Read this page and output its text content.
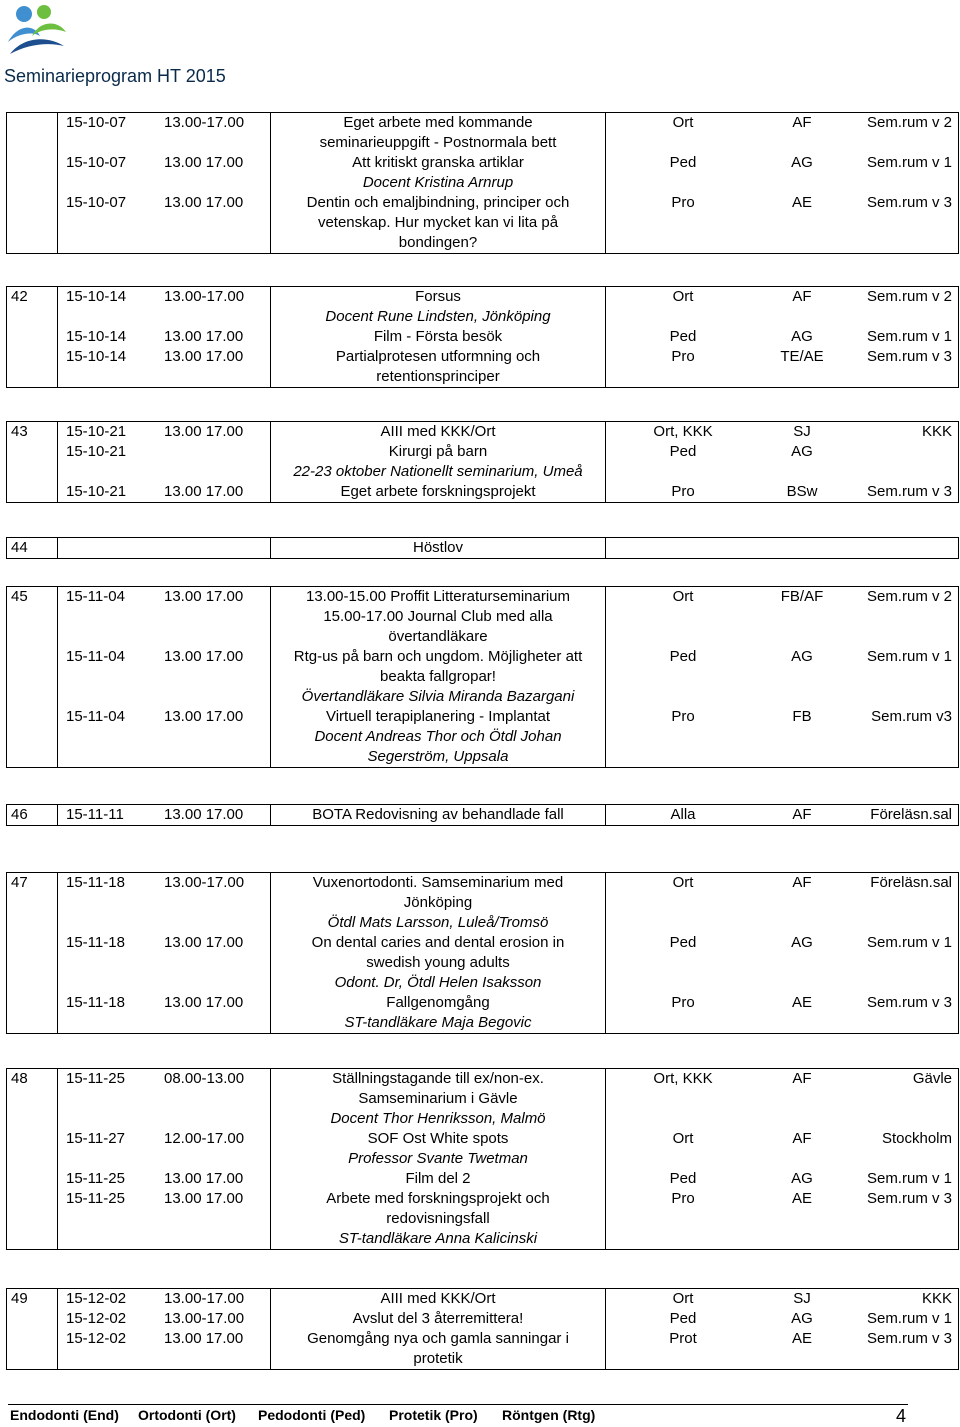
Seminarieprogram HT 2015
	15-10-07	13.00-17.00	Eget arbete med kommande
seminarieuppgift - Postnormala bett	Ort	AF	Sem.rum v 2
	15-10-07	13.00 17.00	Att kritiskt granska artiklar
Docent Kristina Arnrup	Ped	AG	Sem.rum v 1
	15-10-07	13.00 17.00	Dentin och emaljbindning, principer och
vetenskap. Hur mycket kan vi lita på
bondingen?	Pro	AE	Sem.rum v 3
42	15-10-14	13.00-17.00	Forsus
Docent Rune Lindsten, Jönköping	Ort	AF	Sem.rum v 2
	15-10-14	13.00 17.00	Film - Första besök	Ped	AG	Sem.rum v 1
	15-10-14	13.00 17.00	Partialprotesen utformning och
retentionsprinciper	Pro	TE/AE	Sem.rum v 3
43	15-10-21	13.00 17.00	AIII med KKK/Ort	Ort, KKK	SJ	KKK
	15-10-21		Kirurgi på barn
22-23 oktober Nationellt seminarium, Umeå	Ped	AG	
	15-10-21	13.00 17.00	Eget arbete forskningsprojekt	Pro	BSw	Sem.rum v 3
44			Höstlov

45	15-11-04	13.00 17.00	13.00-15.00 Proffit Litteraturseminarium
15.00-17.00 Journal Club med alla
övertandläkare	Ort	FB/AF	Sem.rum v 2
	15-11-04	13.00 17.00	Rtg-us på barn och ungdom. Möjligheter att
beakta fallgropar!
Övertandläkare Silvia Miranda Bazargani	Ped	AG	Sem.rum v 1
	15-11-04	13.00 17.00	Virtuell terapiplanering - Implantat
Docent Andreas Thor och Ötdl Johan
Segerström, Uppsala	Pro	FB	Sem.rum v3
46	15-11-11	13.00 17.00	BOTA Redovisning av behandlade fall	Alla	AF	Föreläsn.sal
47	15-11-18	13.00-17.00	Vuxenortodonti. Samseminarium med
Jönköping
Ötdl Mats Larsson, Luleå/Tromsö	Ort	AF	Föreläsn.sal
	15-11-18	13.00 17.00	On dental caries and dental erosion in
swedish young adults
Odont. Dr, Ötdl Helen Isaksson	Ped	AG	Sem.rum v 1
	15-11-18	13.00 17.00	Fallgenomgång
ST-tandläkare Maja Begovic	Pro	AE	Sem.rum v 3
48	15-11-25	08.00-13.00	Ställningstagande till ex/non-ex.
Samseminarium i Gävle
Docent Thor Henriksson, Malmö	Ort, KKK	AF	Gävle
	15-11-27	12.00-17.00	SOF Ost White spots
Professor Svante Twetman	Ort	AF	Stockholm
	15-11-25	13.00 17.00	Film del 2	Ped	AG	Sem.rum v 1
	15-11-25	13.00 17.00	Arbete med forskningsprojekt och
redovisningsfall
ST-tandläkare Anna Kalicinski	Pro	AE	Sem.rum v 3
49	15-12-02	13.00-17.00	AIII med KKK/Ort	Ort	SJ	KKK
	15-12-02	13.00-17.00	Avslut del 3 återremittera!	Ped	AG	Sem.rum v 1
	15-12-02	13.00 17.00	Genomgång nya och gamla sanningar i
protetik	Prot	AE	Sem.rum v 3
Endodonti (End) Ortodonti (Ort) Pedodonti (Ped) Protetik (Pro) Röntgen (Rtg)	4
